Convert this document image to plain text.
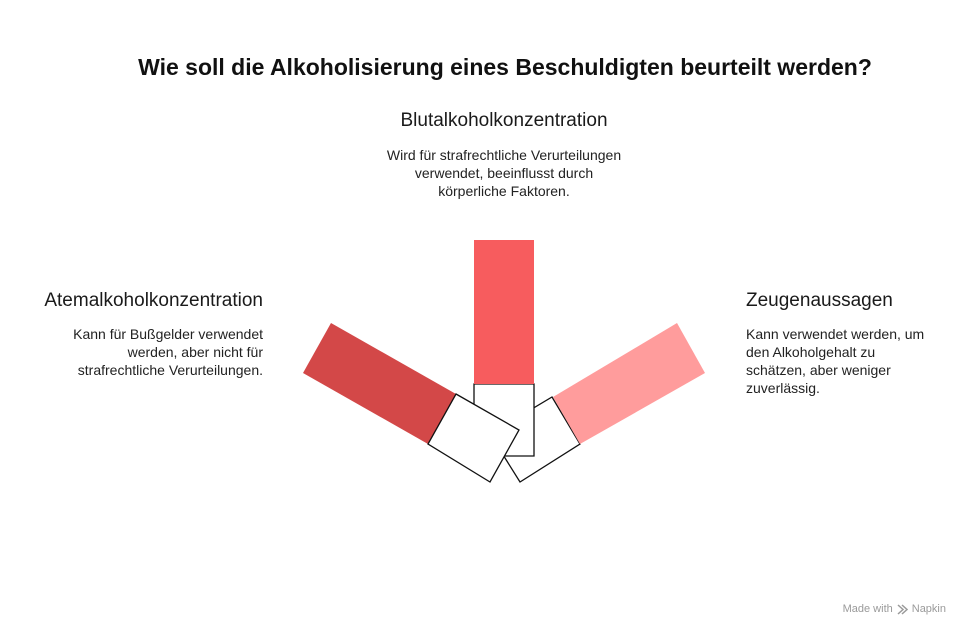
Wie soll die Alkoholisierung eines Beschuldigten beurteilt werden?
Blutalkoholkonzentration
Wird für strafrechtliche Verurteilungen verwendet, beeinflusst durch körperliche Faktoren.
Atemalkoholkonzentration
Kann für Bußgelder verwendet werden, aber nicht für strafrechtliche Verurteilungen.
Zeugenaussagen
Kann verwendet werden, um den Alkoholgehalt zu schätzen, aber weniger zuverlässig.
Made with Napkin
